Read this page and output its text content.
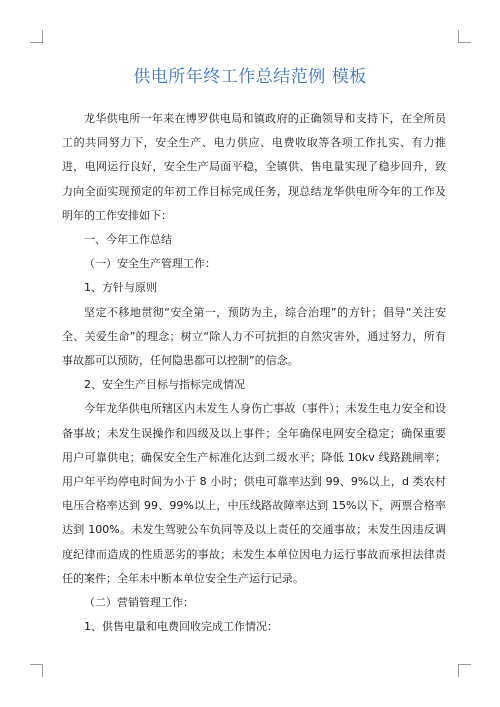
供电所年终工作总结范例 模板

龙华供电所一年来在博罗供电局和镇政府的正确领导和支持下，在全所员工的共同努力下，安全生产、电力供应、电费收取等各项工作扎实、有力推进，电网运行良好，安全生产局面平稳，全镇供、售电量实现了稳步回升，致力向全面实现预定的年初工作目标完成任务，现总结龙华供电所今年的工作及明年的工作安排如下：

一、今年工作总结

（一）安全生产管理工作：

1、方针与原则

坚定不移地贯彻“安全第一，预防为主，综合治理”的方针；倡导“关注安全、关爱生命”的理念；树立“除人力不可抗拒的自然灾害外，通过努力，所有事故都可以预防，任何隐患都可以控制”的信念。

2、安全生产目标与指标完成情况

今年龙华供电所辖区内未发生人身伤亡事故（事件）；未发生电力安全和设备事故；未发生误操作和四级及以上事件；全年确保电网安全稳定；确保重要用户可靠供电；确保安全生产标准化达到二级水平；降低 10kv 线路跳闸率；用户年平均停电时间为小于 8 小时；供电可靠率达到 99、9%以上，d 类农村电压合格率达到 99、99%以上，中压线路故障率达到 15%以下，两票合格率达到 100%。未发生驾驶公车负同等及以上责任的交通事故；未发生因违反调度纪律而造成的性质恶劣的事故；未发生本单位因电力运行事故而承担法律责任的案件；全年未中断本单位安全生产运行记录。

（二）营销管理工作：

1、供售电量和电费回收完成工作情况：
